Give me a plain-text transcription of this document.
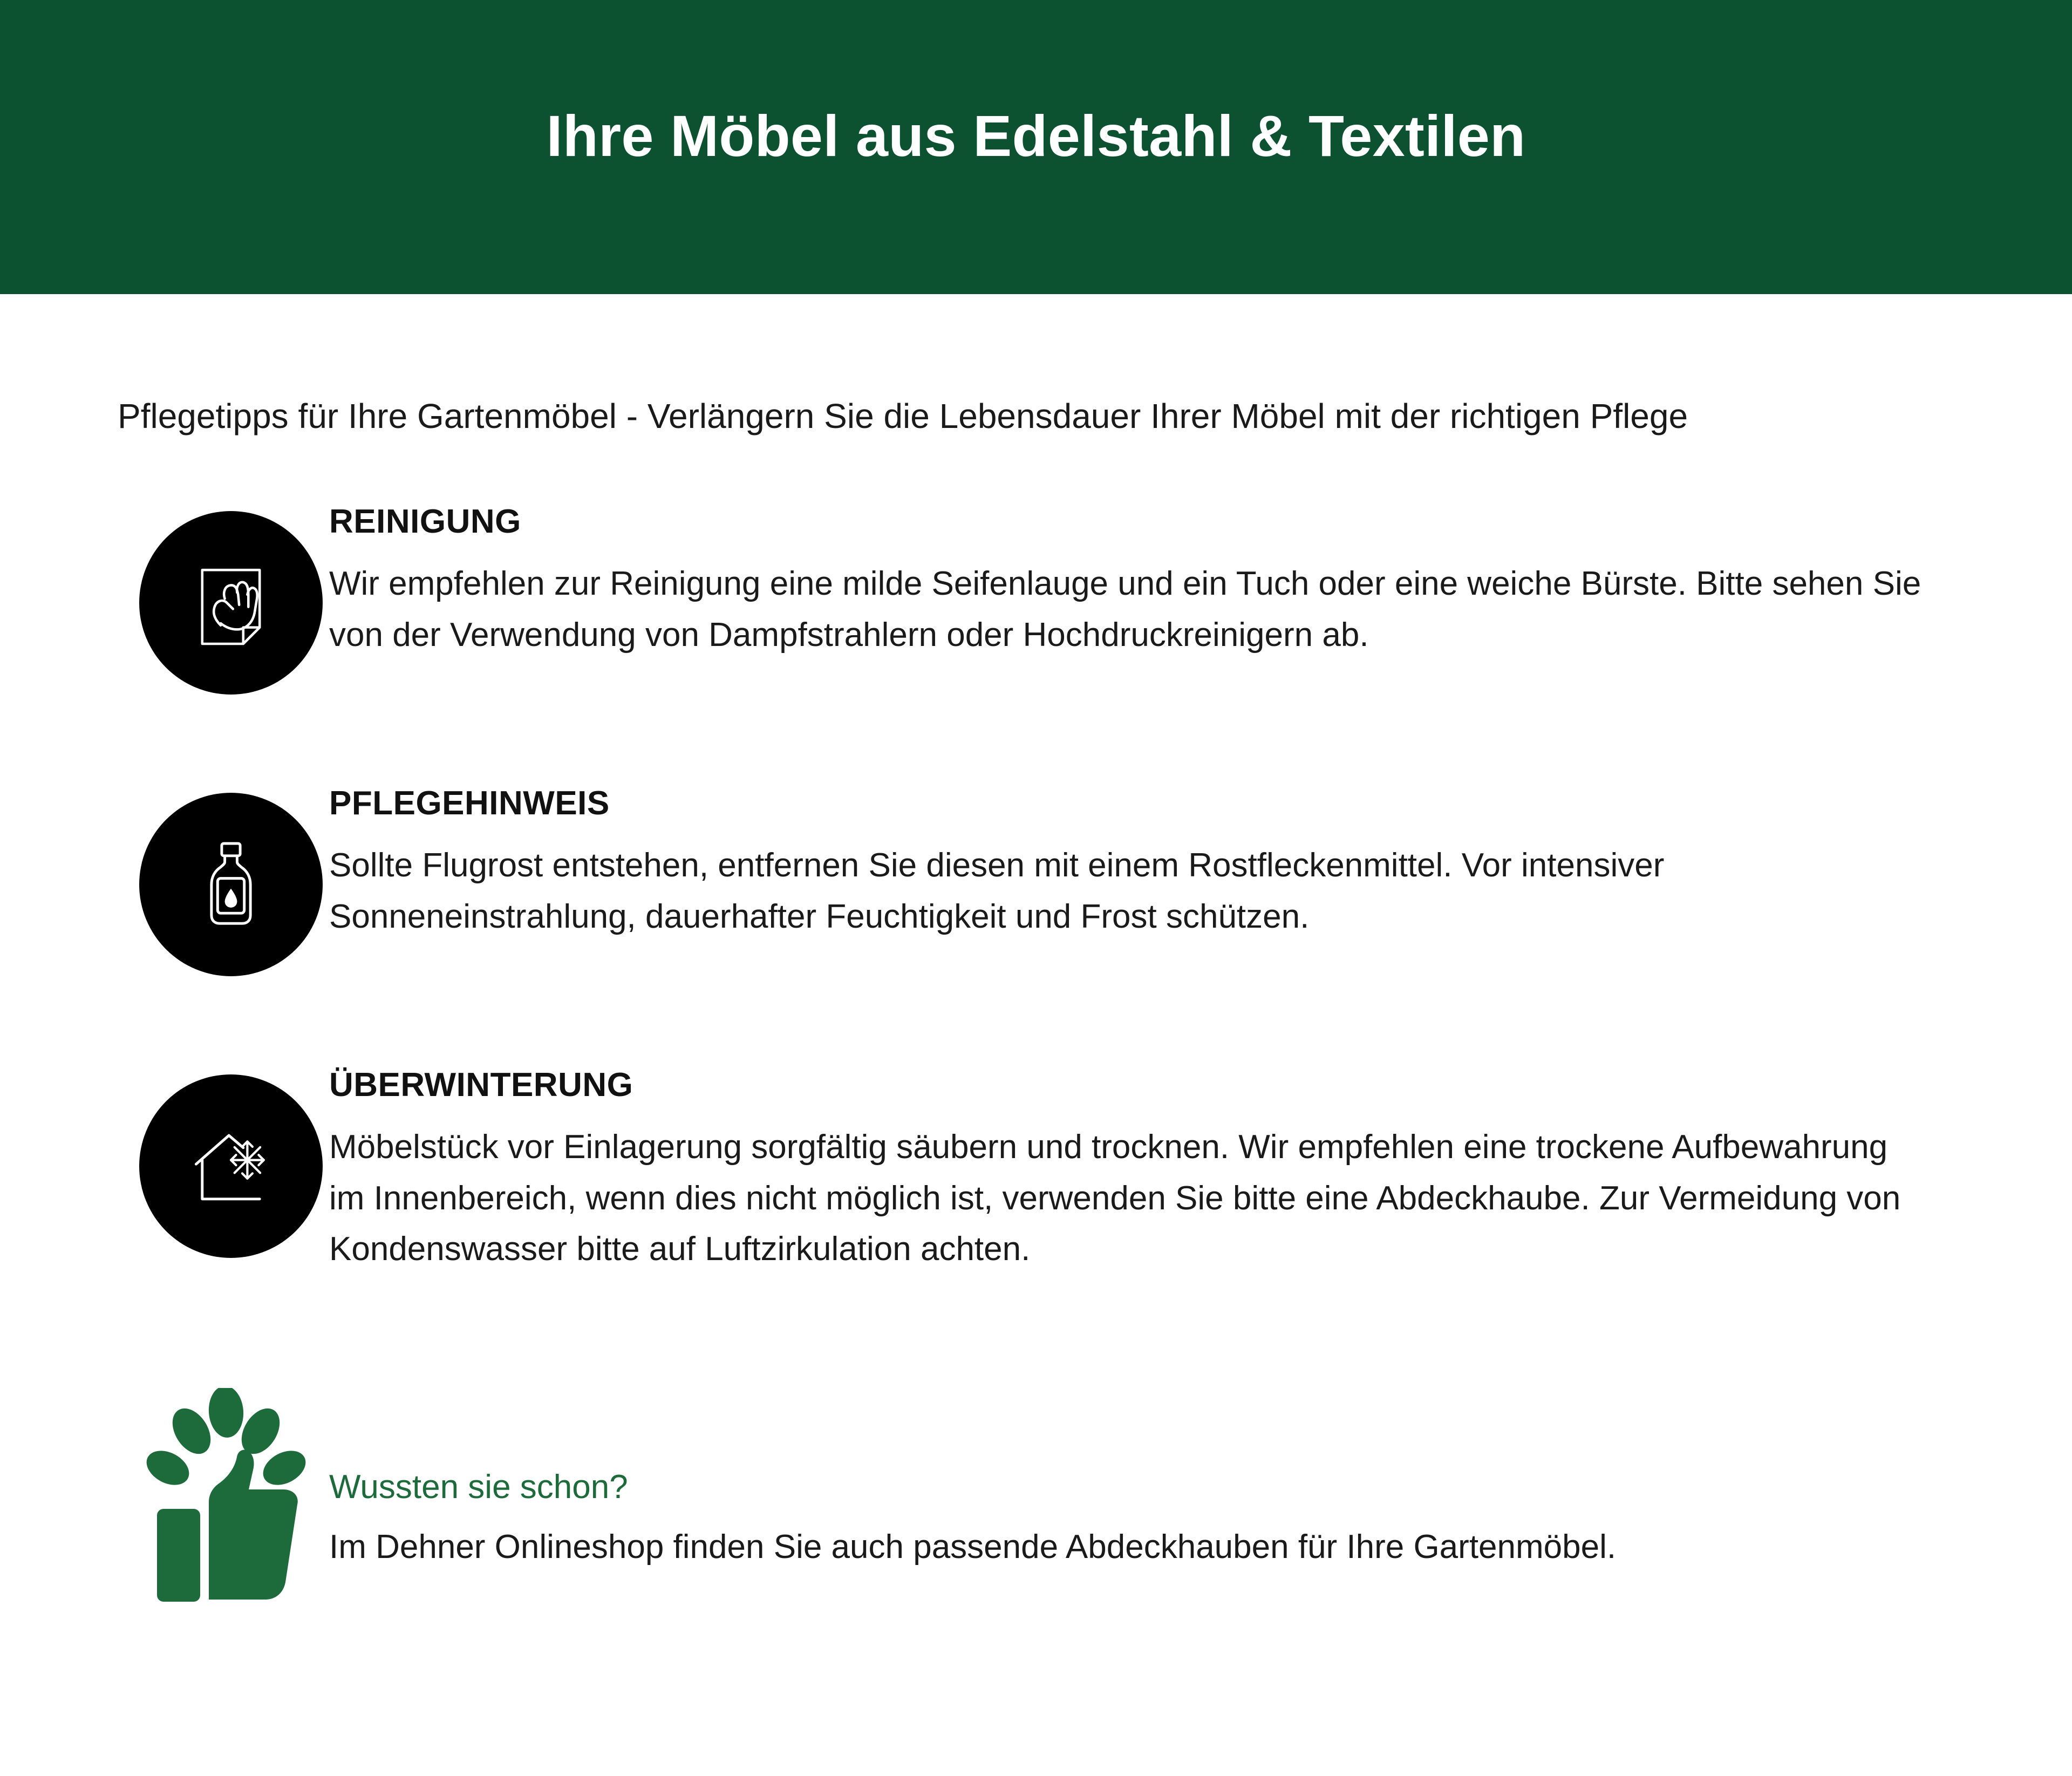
Ihre Möbel aus Edelstahl & Textilen

Pflegetipps für Ihre Gartenmöbel - Verlängern Sie die Lebensdauer Ihrer Möbel mit der richtigen Pflege

REINIGUNG

Wir empfehlen zur Reinigung eine milde Seifenlauge und ein Tuch oder eine weiche Bürste. Bitte sehen Sie von der Verwendung von Dampfstrahlern oder Hochdruckreinigern ab.

PFLEGEHINWEIS

Sollte Flugrost entstehen, entfernen Sie diesen mit einem Rostfleckenmittel. Vor intensiver Sonneneinstrahlung, dauerhafter Feuchtigkeit und Frost schützen.

ÜBERWINTERUNG

Möbelstück vor Einlagerung sorgfältig säubern und trocknen. Wir empfehlen eine trockene Aufbewahrung im Innenbereich, wenn dies nicht möglich ist, verwenden Sie bitte eine Abdeckhaube. Zur Vermeidung von Kondenswasser bitte auf Luftzirkulation achten.

Wussten sie schon?

Im Dehner Onlineshop finden Sie auch passende Abdeckhauben für Ihre Gartenmöbel.
